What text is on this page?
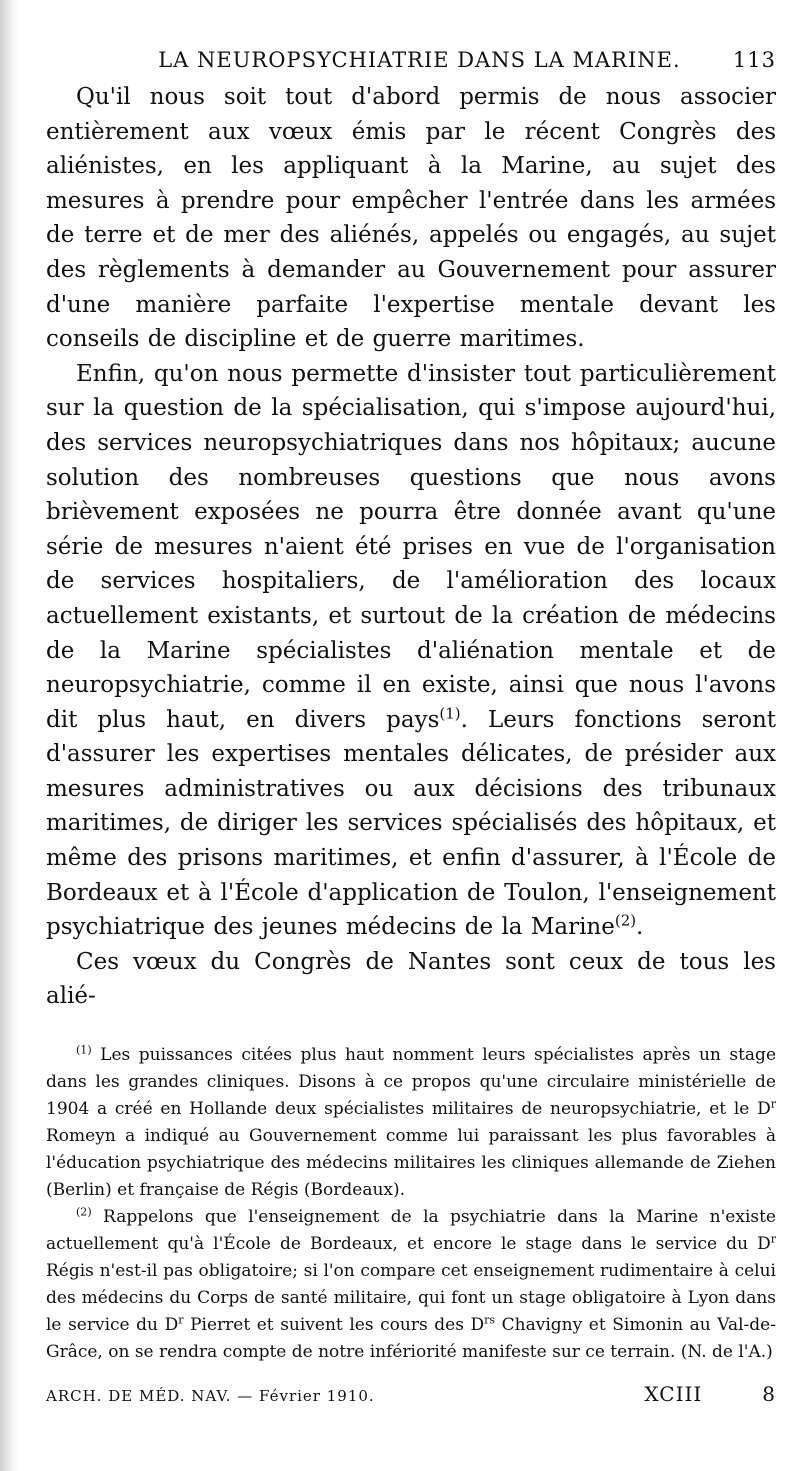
LA NEUROPSYCHIATRIE DANS LA MARINE.	113

Qu'il nous soit tout d'abord permis de nous associer entièrement aux vœux émis par le récent Congrès des aliénistes, en les appliquant à la Marine, au sujet des mesures à prendre pour empêcher l'entrée dans les armées de terre et de mer des aliénés, appelés ou engagés, au sujet des règlements à demander au Gouvernement pour assurer d'une manière parfaite l'expertise mentale devant les conseils de discipline et de guerre maritimes.

Enfin, qu'on nous permette d'insister tout particulièrement sur la question de la spécialisation, qui s'impose aujourd'hui, des services neuropsychiatriques dans nos hôpitaux; aucune solution des nombreuses questions que nous avons brièvement exposées ne pourra être donnée avant qu'une série de mesures n'aient été prises en vue de l'organisation de services hospitaliers, de l'amélioration des locaux actuellement existants, et surtout de la création de médecins de la Marine spécialistes d'aliénation mentale et de neuropsychiatrie, comme il en existe, ainsi que nous l'avons dit plus haut, en divers pays$^{(1)}$. Leurs fonctions seront d'assurer les expertises mentales délicates, de présider aux mesures administratives ou aux décisions des tribunaux maritimes, de diriger les services spécialisés des hôpitaux, et même des prisons maritimes, et enfin d'assurer, à l'École de Bordeaux et à l'École d'application de Toulon, l'enseignement psychiatrique des jeunes médecins de la Marine$^{(2)}$.

Ces vœux du Congrès de Nantes sont ceux de tous les alié-

$^{(1)}$ Les puissances citées plus haut nomment leurs spécialistes après un stage dans les grandes cliniques. Disons à ce propos qu'une circulaire ministérielle de 1904 a créé en Hollande deux spécialistes militaires de neuropsychiatrie, et le $D^r$ Romeyn a indiqué au Gouvernement comme lui paraissant les plus favorables à l'éducation psychiatrique des médecins militaires les cliniques allemande de Ziehen (Berlin) et française de Régis (Bordeaux).

$^{(2)}$ Rappelons que l'enseignement de la psychiatrie dans la Marine n'existe actuellement qu'à l'École de Bordeaux, et encore le stage dans le service du $D^r$ Régis n'est-il pas obligatoire; si l'on compare cet enseignement rudimentaire à celui des médecins du Corps de santé militaire, qui font un stage obligatoire à Lyon dans le service du $D^r$ Pierret et suivent les cours des $D^{rs}$ Chavigny et Simonin au Val-de-Grâce, on se rendra compte de notre infériorité manifeste sur ce terrain. (N. de l'A.)

ARCH. DE MÉD. NAV. — Février 1910.	XCIII	8
